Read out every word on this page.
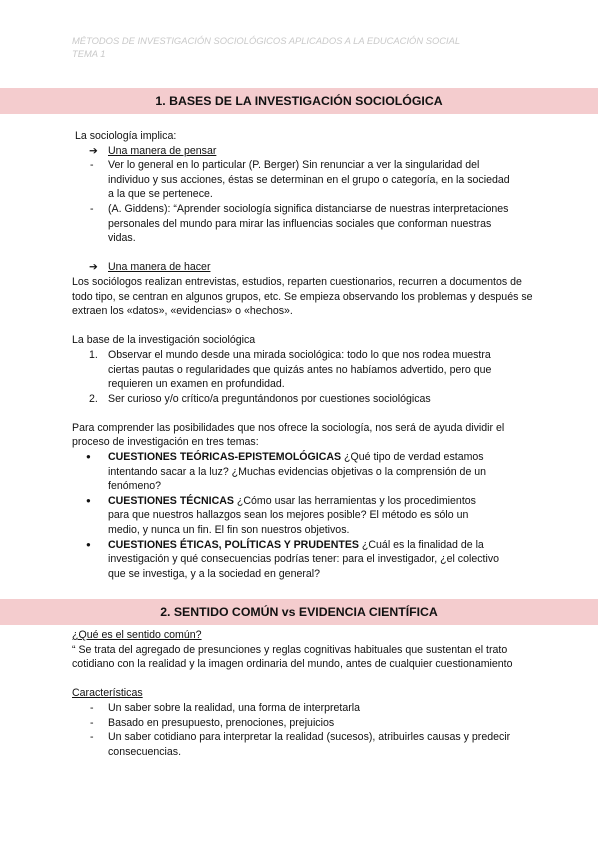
MÉTODOS DE INVESTIGACIÓN SOCIOLÓGICOS APLICADOS A LA EDUCACIÓN SOCIAL
TEMA 1
1. BASES DE LA INVESTIGACIÓN SOCIOLÓGICA

La sociología implica:

➔ Una manera de pensar
- Ver lo general en lo particular (P. Berger) Sin renunciar a ver la singularidad del individuo y sus acciones, éstas se determinan en el grupo o categoría, en la sociedad a la que se pertenece.
- (A. Giddens): “Aprender sociología significa distanciarse de nuestras interpretaciones personales del mundo para mirar las influencias sociales que conforman nuestras vidas.
➔ Una manera de hacer

Los sociólogos realizan entrevistas, estudios, reparten cuestionarios, recurren a documentos de todo tipo, se centran en algunos grupos, etc. Se empieza observando los problemas y después se extraen los «datos», «evidencias» o «hechos».

La base de la investigación sociológica

1. Observar el mundo desde una mirada sociológica: todo lo que nos rodea muestra ciertas pautas o regularidades que quizás antes no habíamos advertido, pero que requieren un examen en profundidad.
2. Ser curioso y/o crítico/a preguntándonos por cuestiones sociológicas

Para comprender las posibilidades que nos ofrece la sociología, nos será de ayuda dividir el proceso de investigación en tres temas:

● CUESTIONES TEÓRICAS-EPISTEMOLÓGICAS ¿Qué tipo de verdad estamos intentando sacar a la luz? ¿Muchas evidencias objetivas o la comprensión de un fenómeno?
● CUESTIONES TÉCNICAS ¿Cómo usar las herramientas y los procedimientos para que nuestros hallazgos sean los mejores posible? El método es sólo un medio, y nunca un fin. El fin son nuestros objetivos.
● CUESTIONES ÉTICAS, POLÍTICAS Y PRUDENTES ¿Cuál es la finalidad de la investigación y qué consecuencias podrías tener: para el investigador, ¿el colectivo que se investiga, y a la sociedad en general?
2. SENTIDO COMÚN vs EVIDENCIA CIENTÍFICA

¿Qué es el sentido común?

“ Se trata del agregado de presunciones y reglas cognitivas habituales que sustentan el trato cotidiano con la realidad y la imagen ordinaria del mundo, antes de cualquier cuestionamiento

Características

- Un saber sobre la realidad, una forma de interpretarla
- Basado en presupuesto, prenociones, prejuicios
- Un saber cotidiano para interpretar la realidad (sucesos), atribuirles causas y predecir consecuencias.
